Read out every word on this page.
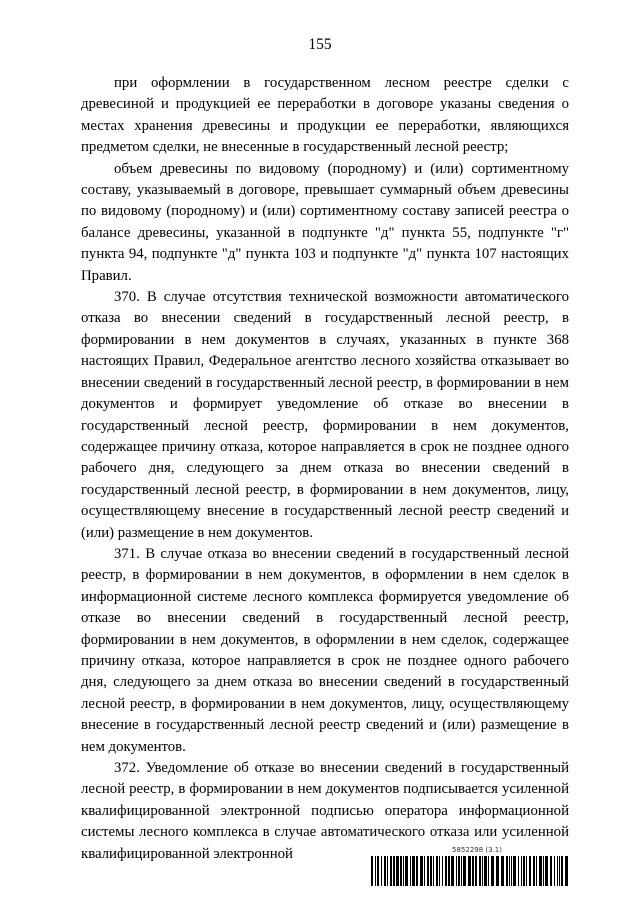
155

при оформлении в государственном лесном реестре сделки с древесиной и продукцией ее переработки в договоре указаны сведения о местах хранения древесины и продукции ее переработки, являющихся предметом сделки, не внесенные в государственный лесной реестр;

объем древесины по видовому (породному) и (или) сортиментному составу, указываемый в договоре, превышает суммарный объем древесины по видовому (породному) и (или) сортиментному составу записей реестра о балансе древесины, указанной в подпункте "д" пункта 55, подпункте "г" пункта 94, подпункте "д" пункта 103 и подпункте "д" пункта 107 настоящих Правил.

370. В случае отсутствия технической возможности автоматического отказа во внесении сведений в государственный лесной реестр, в формировании в нем документов в случаях, указанных в пункте 368 настоящих Правил, Федеральное агентство лесного хозяйства отказывает во внесении сведений в государственный лесной реестр, в формировании в нем документов и формирует уведомление об отказе во внесении в государственный лесной реестр, формировании в нем документов, содержащее причину отказа, которое направляется в срок не позднее одного рабочего дня, следующего за днем отказа во внесении сведений в государственный лесной реестр, в формировании в нем документов, лицу, осуществляющему внесение в государственный лесной реестр сведений и (или) размещение в нем документов.

371. В случае отказа во внесении сведений в государственный лесной реестр, в формировании в нем документов, в оформлении в нем сделок в информационной системе лесного комплекса формируется уведомление об отказе во внесении сведений в государственный лесной реестр, формировании в нем документов, в оформлении в нем сделок, содержащее причину отказа, которое направляется в срок не позднее одного рабочего дня, следующего за днем отказа во внесении сведений в государственный лесной реестр, в формировании в нем документов, лицу, осуществляющему внесение в государственный лесной реестр сведений и (или) размещение в нем документов.

372. Уведомление об отказе во внесении сведений в государственный лесной реестр, в формировании в нем документов подписывается усиленной квалифицированной электронной подписью оператора информационной системы лесного комплекса в случае автоматического отказа или усиленной квалифицированной электронной	5852298 (3.1)
